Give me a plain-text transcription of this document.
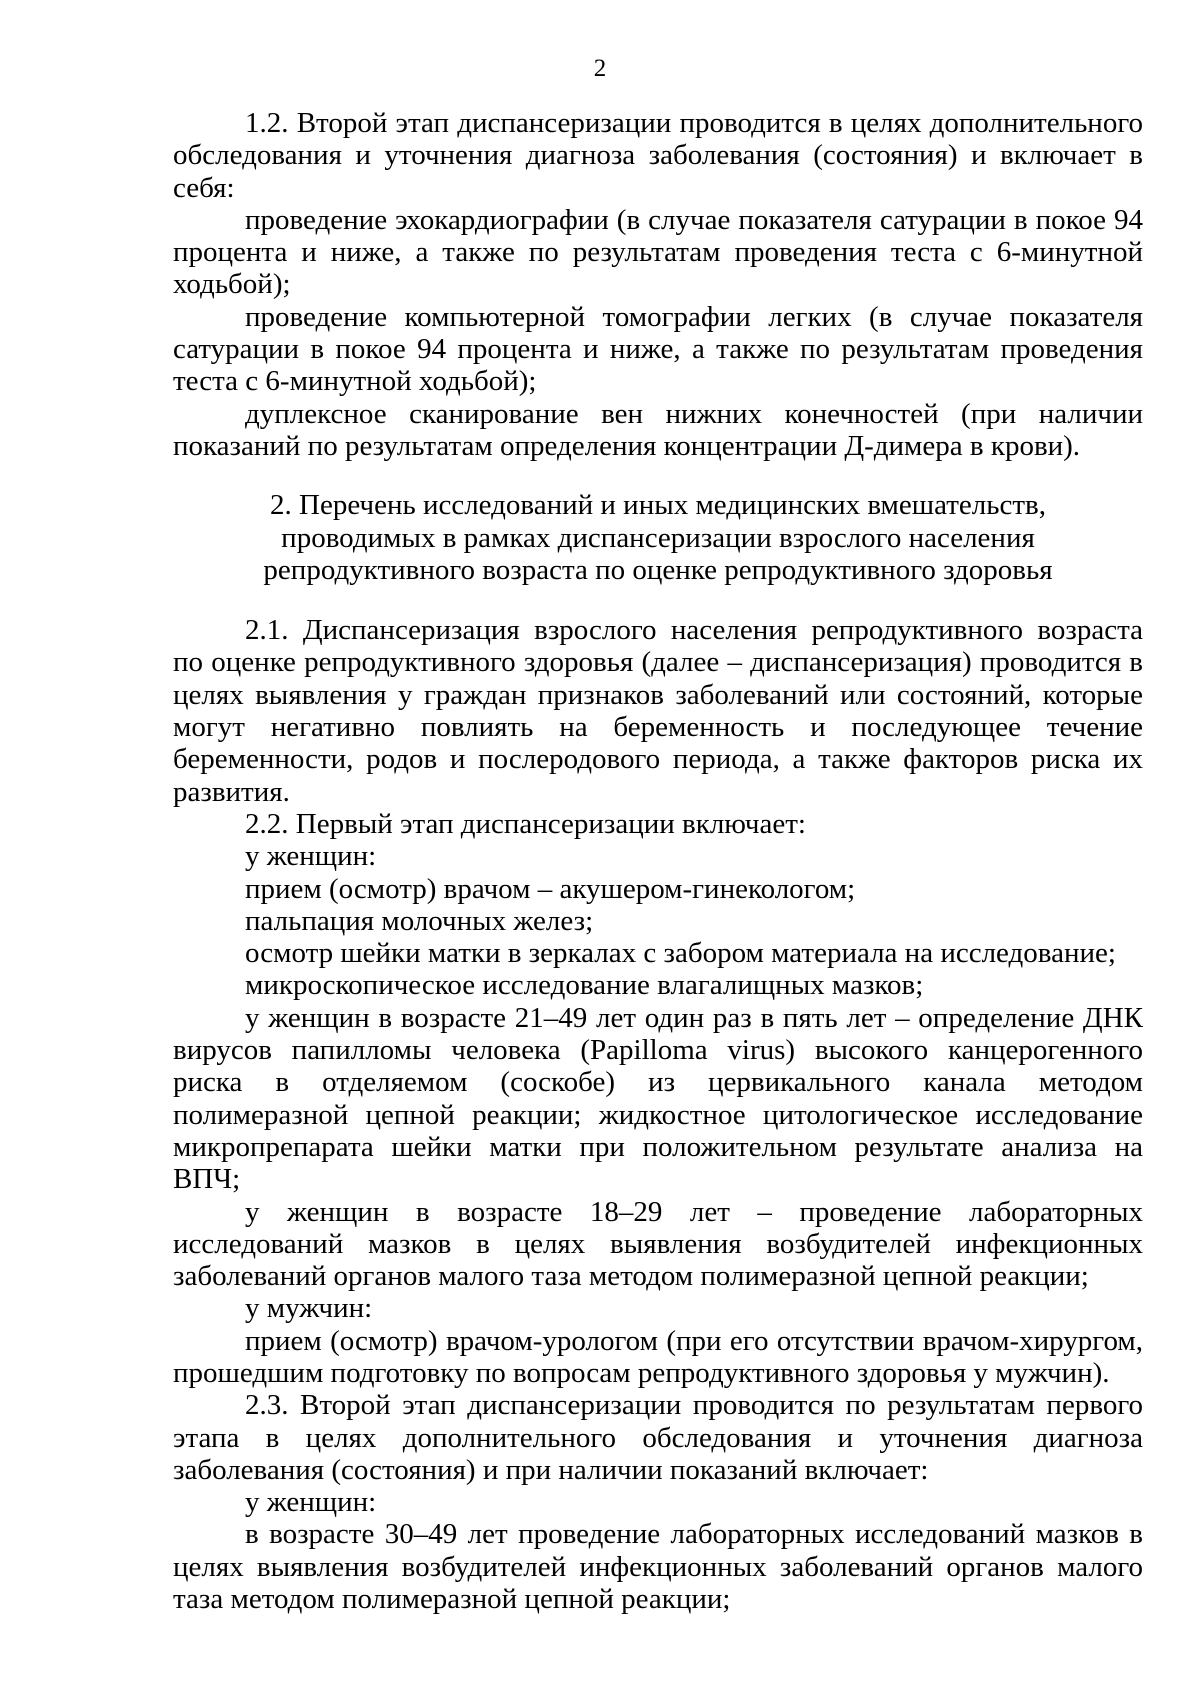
2

1.2. Второй этап диспансеризации проводится в целях дополнительного обследования и уточнения диагноза заболевания (состояния) и включает в себя:

проведение эхокардиографии (в случае показателя сатурации в покое 94 процента и ниже, а также по результатам проведения теста с 6-минутной ходьбой);

проведение компьютерной томографии легких (в случае показателя сатурации в покое 94 процента и ниже, а также по результатам проведения теста с 6-минутной ходьбой);

дуплексное сканирование вен нижних конечностей (при наличии показаний по результатам определения концентрации Д-димера в крови).

2. Перечень исследований и иных медицинских вмешательств,

проводимых в рамках диспансеризации взрослого населения

репродуктивного возраста по оценке репродуктивного здоровья

2.1. Диспансеризация взрослого населения репродуктивного возраста по оценке репродуктивного здоровья (далее – диспансеризация) проводится в целях выявления у граждан признаков заболеваний или состояний, которые могут негативно повлиять на беременность и последующее течение беременности, родов и послеродового периода, а также факторов риска их развития.

2.2. Первый этап диспансеризации включает:

у женщин:

прием (осмотр) врачом – акушером-гинекологом;

пальпация молочных желез;

осмотр шейки матки в зеркалах с забором материала на исследование;

микроскопическое исследование влагалищных мазков;

у женщин в возрасте 21–49 лет один раз в пять лет – определение ДНК вирусов папилломы человека (Papilloma virus) высокого канцерогенного риска в отделяемом (соскобе) из цервикального канала методом полимеразной цепной реакции; жидкостное цитологическое исследование микропрепарата шейки матки при положительном результате анализа на ВПЧ;

у женщин в возрасте 18–29 лет – проведение лабораторных исследований мазков в целях выявления возбудителей инфекционных заболеваний органов малого таза методом полимеразной цепной реакции;

у мужчин:

прием (осмотр) врачом-урологом (при его отсутствии врачом-хирургом, прошедшим подготовку по вопросам репродуктивного здоровья у мужчин).

2.3. Второй этап диспансеризации проводится по результатам первого этапа в целях дополнительного обследования и уточнения диагноза заболевания (состояния) и при наличии показаний включает:

у женщин:

в возрасте 30–49 лет проведение лабораторных исследований мазков в целях выявления возбудителей инфекционных заболеваний органов малого таза методом полимеразной цепной реакции;
